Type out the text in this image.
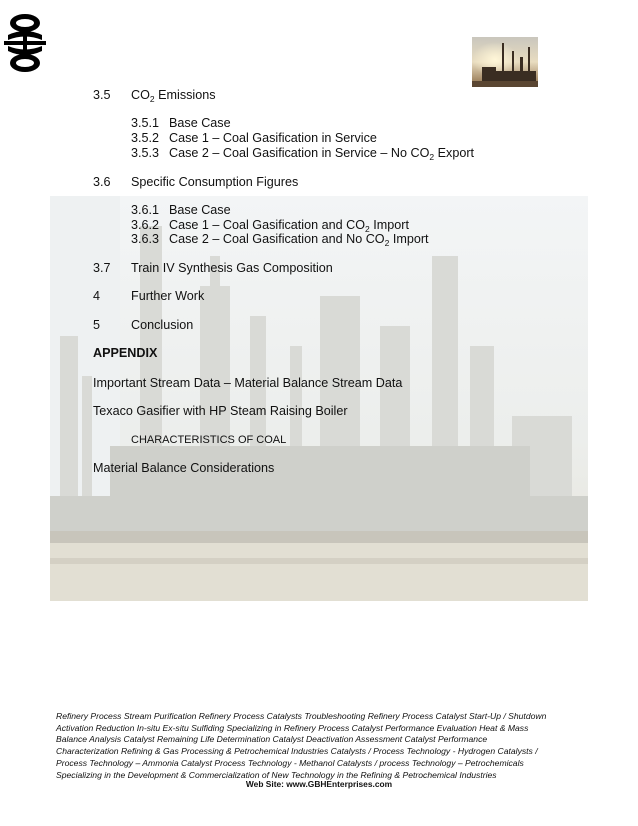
3.5 $CO_2$ Emissions
3.5.1 Base Case
3.5.2 Case 1 – Coal Gasification in Service
3.5.3 Case 2 – Coal Gasification in Service – No $CO_2$ Export
3.6 Specific Consumption Figures
3.6.1 Base Case
3.6.2 Case 1 – Coal Gasification and $CO_2$ Import
3.6.3 Case 2 – Coal Gasification and No $CO_2$ Import
3.7 Train IV Synthesis Gas Composition
4 Further Work
5 Conclusion
APPENDIX
Important Stream Data – Material Balance Stream Data
Texaco Gasifier with HP Steam Raising Boiler
CHARACTERISTICS OF COAL
Material Balance Considerations
Refinery Process Stream Purification Refinery Process Catalysts Troubleshooting Refinery Process Catalyst Start-Up / Shutdown
Activation Reduction In-situ Ex-situ Sulfiding Specializing in Refinery Process Catalyst Performance Evaluation Heat & Mass
Balance Analysis Catalyst Remaining Life Determination Catalyst Deactivation Assessment Catalyst Performance
Characterization Refining & Gas Processing & Petrochemical Industries Catalysts / Process Technology - Hydrogen Catalysts /
Process Technology – Ammonia Catalyst Process Technology - Methanol Catalysts / process Technology – Petrochemicals
Specializing in the Development & Commercialization of New Technology in the Refining & Petrochemical Industries
Web Site: www.GBHEnterprises.com
